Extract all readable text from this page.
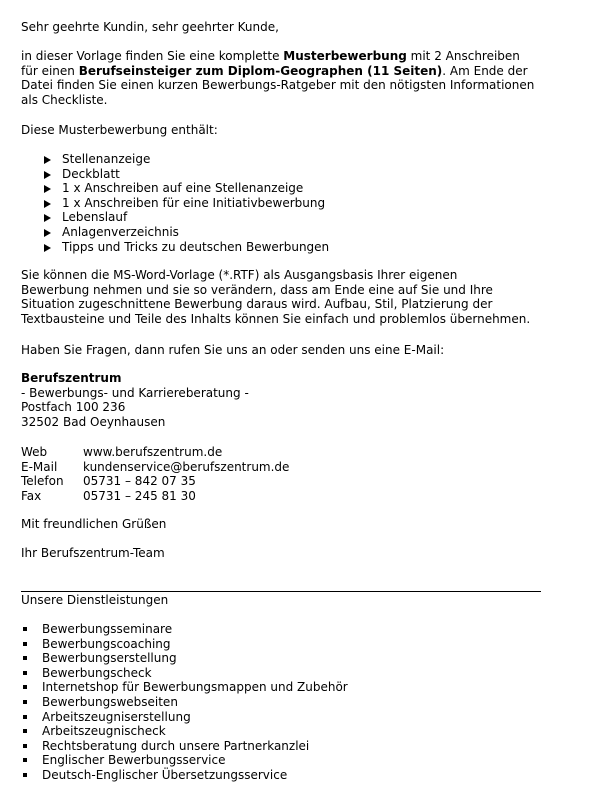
Sehr geehrte Kundin, sehr geehrter Kunde,

in dieser Vorlage finden Sie eine komplette Musterbewerbung mit 2 Anschreiben
für einen Berufseinsteiger zum Diplom-Geographen (11 Seiten). Am Ende der
Datei finden Sie einen kurzen Bewerbungs-Ratgeber mit den nötigsten Informationen
als Checkliste.

Diese Musterbewerbung enthält:

Stellenanzeige
Deckblatt
1 x Anschreiben auf eine Stellenanzeige
1 x Anschreiben für eine Initiativbewerbung
Lebenslauf
Anlagenverzeichnis
Tipps und Tricks zu deutschen Bewerbungen
Sie können die MS-Word-Vorlage (*.RTF) als Ausgangsbasis Ihrer eigenen
Bewerbung nehmen und sie so verändern, dass am Ende eine auf Sie und Ihre
Situation zugeschnittene Bewerbung daraus wird. Aufbau, Stil, Platzierung der
Textbausteine und Teile des Inhalts können Sie einfach und problemlos übernehmen.

Haben Sie Fragen, dann rufen Sie uns an oder senden uns eine E-Mail:

Berufszentrum
- Bewerbungs- und Karriereberatung -
Postfach 100 236
32502 Bad Oeynhausen
Web	www.berufszentrum.de
E-Mail	kundenservice@berufszentrum.de
Telefon	05731 – 842 07 35
Fax	05731 – 245 81 30

Mit freundlichen Grüßen

Ihr Berufszentrum-Team

Unsere Dienstleistungen

Bewerbungsseminare
Bewerbungscoaching
Bewerbungserstellung
Bewerbungscheck
Internetshop für Bewerbungsmappen und Zubehör
Bewerbungswebseiten
Arbeitszeugniserstellung
Arbeitszeugnischeck
Rechtsberatung durch unsere Partnerkanzlei
Englischer Bewerbungsservice
Deutsch-Englischer Übersetzungsservice
